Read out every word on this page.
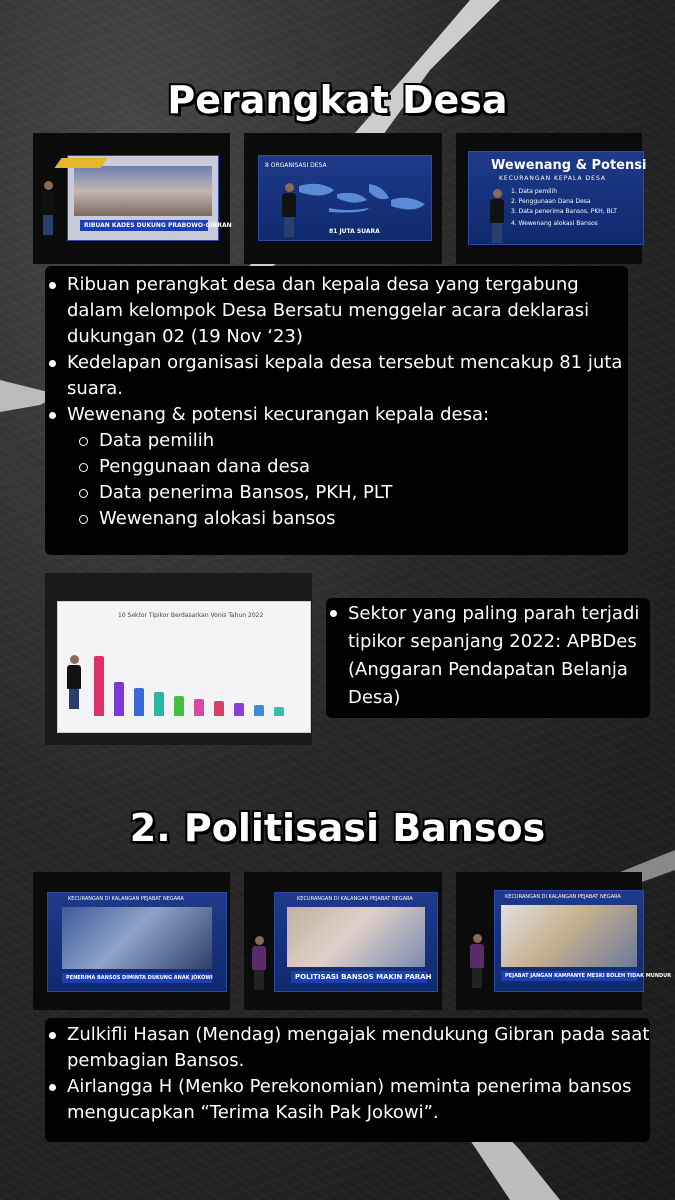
Perangkat Desa
RIBUAN KADES DUKUNG PRABOWO-GIBRAN
8 ORGANISASI DESA
81 JUTA SUARA
Wewenang & Potensi
KECURANGAN KEPALA DESA
1. Data pemilih
2. Penggunaan Dana Desa
3. Data penerima Bansos, PKH, BLT
4. Wewenang alokasi Bansos
Ribuan perangkat desa dan kepala desa yang tergabung dalam kelompok Desa Bersatu menggelar acara deklarasi dukungan 02 (19 Nov ‘23)
Kedelapan organisasi kepala desa tersebut mencakup 81 juta suara.
Wewenang & potensi kecurangan kepala desa:
Data pemilih
Penggunaan dana desa
Data penerima Bansos, PKH, PLT
Wewenang alokasi bansos
10 Sektor Tipikor Berdasarkan Vonis Tahun 2022	Sektor yang paling parah terjadi tipikor sepanjang 2022: APBDes (Anggaran Pendapatan Belanja Desa)
2. Politisasi Bansos
KECURANGAN DI KALANGAN PEJABAT NEGARA
PENERIMA BANSOS DIMINTA DUKUNG ANAK JOKOWI
KECURANGAN DI KALANGAN PEJABAT NEGARA
POLITISASI BANSOS MAKIN PARAH
KECURANGAN DI KALANGAN PEJABAT NEGARA
PEJABAT JANGAN KAMPANYE MESKI BOLEH TIDAK MUNDUR
Zulkifli Hasan (Mendag) mengajak mendukung Gibran pada saat pembagian Bansos.
Airlangga H (Menko Perekonomian) meminta penerima bansos mengucapkan “Terima Kasih Pak Jokowi”.
